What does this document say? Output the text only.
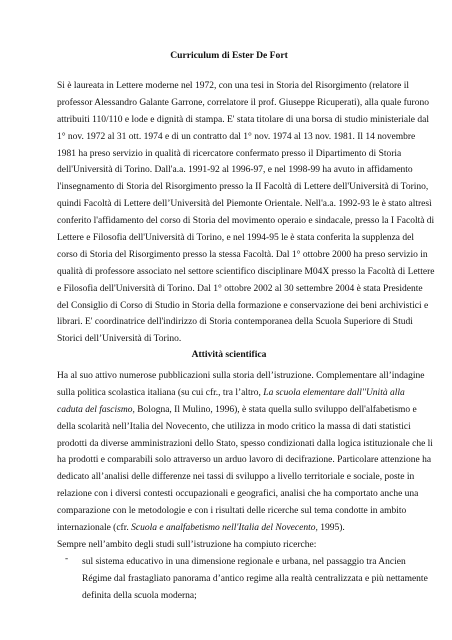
Curriculum di Ester De Fort
Si è laureata in Lettere moderne nel 1972, con una tesi in Storia del Risorgimento (relatore il
professor Alessandro Galante Garrone, correlatore il prof. Giuseppe Ricuperati), alla quale furono
attribuiti 110/110 e lode e dignità di stampa. E' stata titolare di una borsa di studio ministeriale dal
1° nov. 1972 al 31 ott. 1974 e di un contratto dal 1° nov. 1974 al 13 nov. 1981. Il 14 novembre
1981 ha preso servizio in qualità di ricercatore confermato presso il Dipartimento di Storia
dell'Università di Torino. Dall'a.a. 1991-92 al 1996-97, e nel 1998-99 ha avuto in affidamento
l'insegnamento di Storia del Risorgimento presso la II Facoltà di Lettere dell'Università di Torino,
quindi Facoltà di Lettere dell’Università del Piemonte Orientale. Nell'a.a. 1992-93 le è stato altresì
conferito l'affidamento del corso di Storia del movimento operaio e sindacale, presso la I Facoltà di
Lettere e Filosofia dell'Università di Torino, e nel 1994-95 le è stata conferita la supplenza del
corso di Storia del Risorgimento presso la stessa Facoltà. Dal 1° ottobre 2000 ha preso servizio in
qualità di professore associato nel settore scientifico disciplinare M04X presso la Facoltà di Lettere
e Filosofia dell'Università di Torino. Dal 1° ottobre 2002 al 30 settembre 2004 è stata Presidente
del Consiglio di Corso di Studio in Storia della formazione e conservazione dei beni archivistici e
librari. E' coordinatrice dell'indirizzo di Storia contemporanea della Scuola Superiore di Studi
Storici dell’Università di Torino.
Attività scientifica
Ha al suo attivo numerose pubblicazioni sulla storia dell’istruzione. Complementare all’indagine
sulla politica scolastica italiana (su cui cfr., tra l’altro, La scuola elementare dall''Unità alla
caduta del fascismo, Bologna, Il Mulino, 1996), è stata quella sullo sviluppo dell'alfabetismo e
della scolarità nell’Italia del Novecento, che utilizza in modo critico la massa di dati statistici
prodotti da diverse amministrazioni dello Stato, spesso condizionati dalla logica istituzionale che li
ha prodotti e comparabili solo attraverso un arduo lavoro di decifrazione. Particolare attenzione ha
dedicato all’analisi delle differenze nei tassi di sviluppo a livello territoriale e sociale, poste in
relazione con i diversi contesti occupazionali e geografici, analisi che ha comportato anche una
comparazione con le metodologie e con i risultati delle ricerche sul tema condotte in ambito
internazionale (cfr. Scuola e analfabetismo nell'Italia del Novecento, 1995).
Sempre nell’ambito degli studi sull’istruzione ha compiuto ricerche:
-	sul sistema educativo in una dimensione regionale e urbana, nel passaggio tra Ancien
Régime dal frastagliato panorama d’antico regime alla realtà centralizzata e più nettamente
definita della scuola moderna;
